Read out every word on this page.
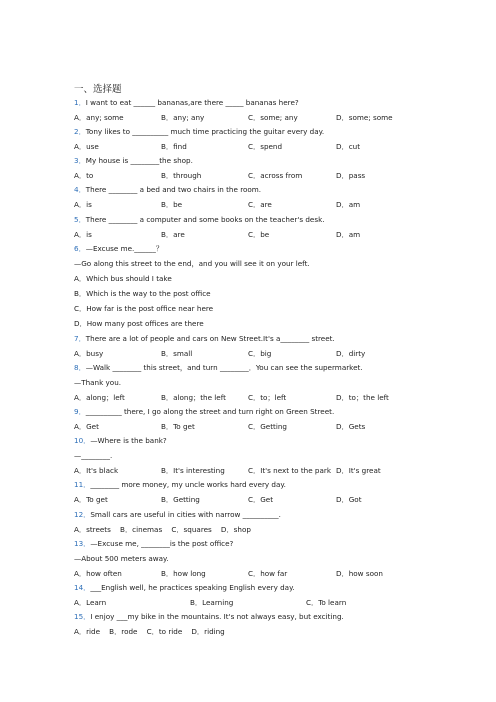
一、选择题
1．I want to eat ______ bananas,are there _____ bananas here?
A．any; some	B．any; any	C．some; any	D．some; some
2．Tony likes to __________ much time practicing the guitar every day.
A．use	B．find	C．spend	D．cut
3．My house is ________the shop.
A．to	B．through	C．across from	D．pass
4．There ________ a bed and two chairs in the room.
A．is	B．be	C．are	D．am
5．There ________ a computer and some books on the teacher's desk.
A．is	B．are	C．be	D．am
6．—Excuse me.______？
—Go along this street to the end，and you will see it on your left.
A．Which bus should I take
B．Which is the way to the post office
C．How far is the post office near here
D．How many post offices are there
7．There are a lot of people and cars on New Street.It's a________ street.
A．busy	B．small	C．big	D．dirty
8．—Walk ________ this street，and turn ________．You can see the supermarket.
—Thank you.
A．along；left	B．along；the left	C．to；left	D．to；the left
9．__________ there, I go along the street and turn right on Green Street.
A．Get	B．To get	C．Getting	D．Gets
10．—Where is the bank?
—________.
A．It's black	B．It's interesting	C．It's next to the park D．It's great
11．________ more money, my uncle works hard every day.
A．To get	B．Getting	C．Get	D．Got
12．Small cars are useful in cities with narrow __________.
A．streets    B．cinemas    C．squares    D．shop
13．—Excuse me, ________is the post office?
—About 500 meters away.
A．how often	B．how long	C．how far	D．how soon
14．___English well, he practices speaking English every day.
A．Learn	B．Learning	C．To learn
15．I enjoy ___my bike in the mountains. It's not always easy, but exciting.
A．ride    B．rode    C．to ride    D．riding
